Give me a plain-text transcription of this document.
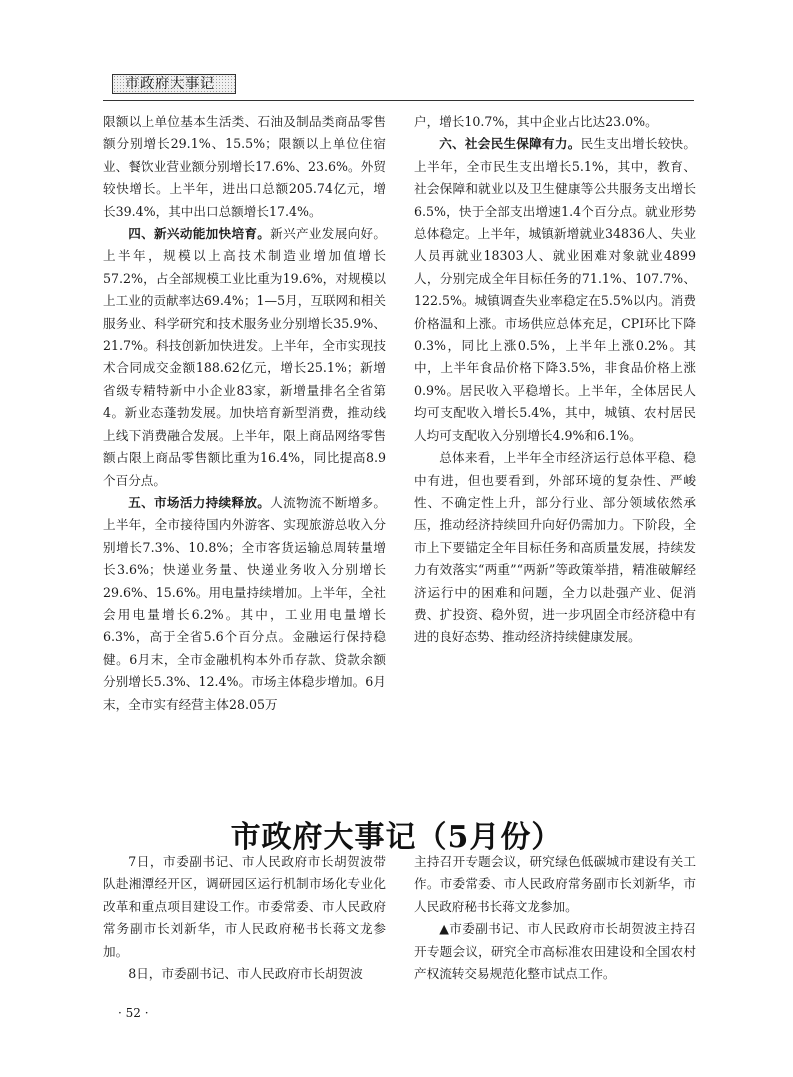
市政府大事记

限额以上单位基本生活类、石油及制品类商品零售额分别增长29.1%、15.5%；限额以上单位住宿业、餐饮业营业额分别增长17.6%、23.6%。外贸较快增长。上半年，进出口总额205.74亿元，增长39.4%，其中出口总额增长17.4%。

四、新兴动能加快培育。新兴产业发展向好。上半年，规模以上高技术制造业增加值增长57.2%，占全部规模工业比重为19.6%，对规模以上工业的贡献率达69.4%；1—5月，互联网和相关服务业、科学研究和技术服务业分别增长35.9%、21.7%。科技创新加快进发。上半年，全市实现技术合同成交金额188.62亿元，增长25.1%；新增省级专精特新中小企业83家，新增量排名全省第4。新业态蓬勃发展。加快培育新型消费，推动线上线下消费融合发展。上半年，限上商品网络零售额占限上商品零售额比重为16.4%，同比提高8.9个百分点。

五、市场活力持续释放。人流物流不断增多。上半年，全市接待国内外游客、实现旅游总收入分别增长7.3%、10.8%；全市客货运输总周转量增长3.6%；快递业务量、快递业务收入分别增长29.6%、15.6%。用电量持续增加。上半年，全社会用电量增长6.2%。其中，工业用电量增长6.3%，高于全省5.6个百分点。金融运行保持稳健。6月末，全市金融机构本外币存款、贷款余额分别增长5.3%、12.4%。市场主体稳步增加。6月末，全市实有经营主体28.05万

户，增长10.7%，其中企业占比达23.0%。

六、社会民生保障有力。民生支出增长较快。上半年，全市民生支出增长5.1%，其中，教育、社会保障和就业以及卫生健康等公共服务支出增长6.5%，快于全部支出增速1.4个百分点。就业形势总体稳定。上半年，城镇新增就业34836人、失业人员再就业18303人、就业困难对象就业4899人，分别完成全年目标任务的71.1%、107.7%、122.5%。城镇调查失业率稳定在5.5%以内。消费价格温和上涨。市场供应总体充足，CPI环比下降0.3%，同比上涨0.5%，上半年上涨0.2%。其中，上半年食品价格下降3.5%，非食品价格上涨0.9%。居民收入平稳增长。上半年，全体居民人均可支配收入增长5.4%，其中，城镇、农村居民人均可支配收入分别增长4.9%和6.1%。

总体来看，上半年全市经济运行总体平稳、稳中有进，但也要看到，外部环境的复杂性、严峻性、不确定性上升，部分行业、部分领域依然承压，推动经济持续回升向好仍需加力。下阶段，全市上下要锚定全年目标任务和高质量发展，持续发力有效落实“两重”“两新”等政策举措，精准破解经济运行中的困难和问题，全力以赴强产业、促消费、扩投资、稳外贸，进一步巩固全市经济稳中有进的良好态势、推动经济持续健康发展。

市政府大事记（5月份）

7日，市委副书记、市人民政府市长胡贺波带队赴湘潭经开区，调研园区运行机制市场化专业化改革和重点项目建设工作。市委常委、市人民政府常务副市长刘新华，市人民政府秘书长蒋文龙参加。

8日，市委副书记、市人民政府市长胡贺波

主持召开专题会议，研究绿色低碳城市建设有关工作。市委常委、市人民政府常务副市长刘新华，市人民政府秘书长蒋文龙参加。

▲市委副书记、市人民政府市长胡贺波主持召开专题会议，研究全市高标准农田建设和全国农村产权流转交易规范化整市试点工作。

· 52 ·
